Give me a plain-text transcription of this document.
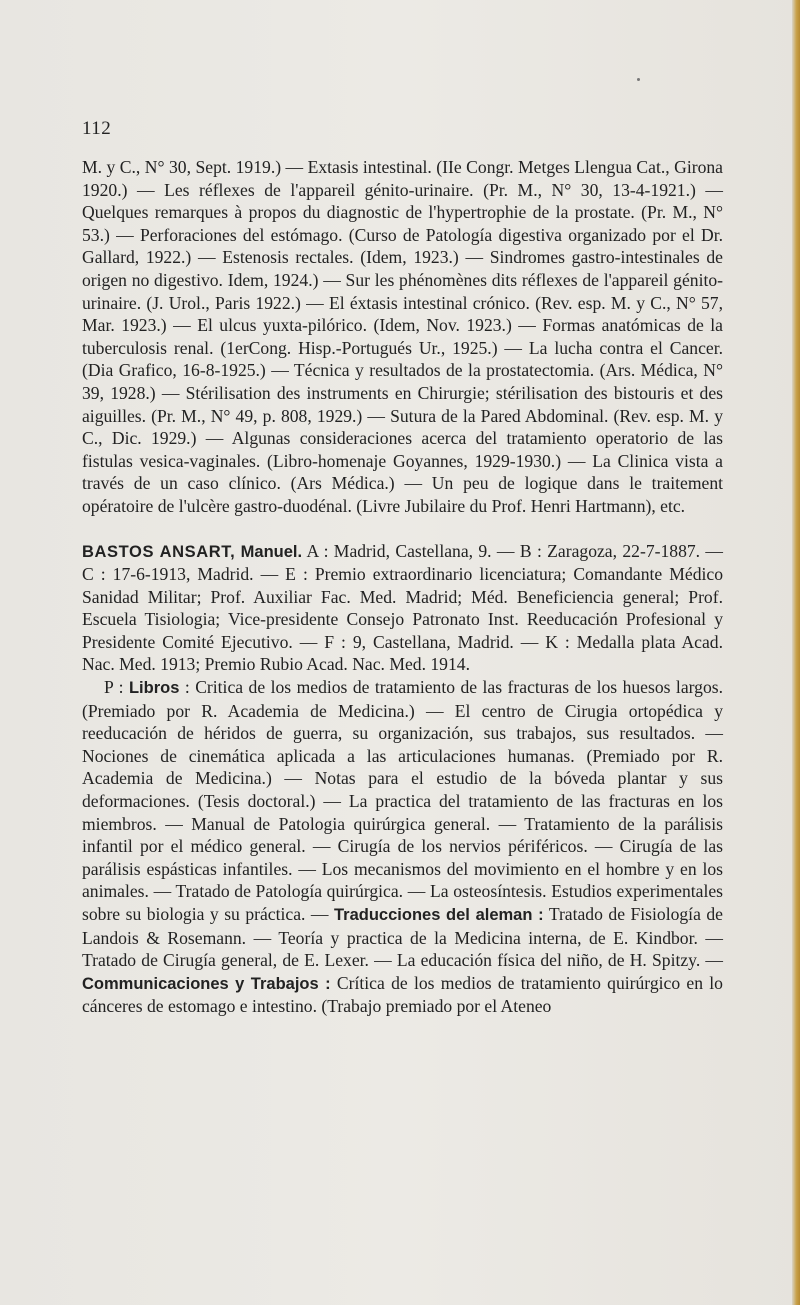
112

M. y C., N° 30, Sept. 1919.) — Extasis intestinal. (IIe Congr. Metges Llengua Cat., Girona 1920.) — Les réflexes de l'appareil génito-urinaire. (Pr. M., N° 30, 13-4-1921.) — Quelques remarques à propos du diagnostic de l'hypertrophie de la prostate. (Pr. M., N° 53.) — Perforaciones del estómago. (Curso de Patología digestiva organizado por el Dr. Gallard, 1922.) — Estenosis rectales. (Idem, 1923.) — Sindromes gastro-intestinales de origen no digestivo. Idem, 1924.) — Sur les phénomènes dits réflexes de l'appareil génito-urinaire. (J. Urol., Paris 1922.) — El éxtasis intestinal crónico. (Rev. esp. M. y C., N° 57, Mar. 1923.) — El ulcus yuxta-pilórico. (Idem, Nov. 1923.) — Formas anatómicas de la tuberculosis renal. (1erCong. Hisp.-Portugués Ur., 1925.) — La lucha contra el Cancer. (Dia Grafico, 16-8-1925.) — Técnica y resultados de la prostatectomia. (Ars. Médica, N° 39, 1928.) — Stérilisation des instruments en Chirurgie; stérilisation des bistouris et des aiguilles. (Pr. M., N° 49, p. 808, 1929.) — Sutura de la Pared Abdominal. (Rev. esp. M. y C., Dic. 1929.) — Algunas consideraciones acerca del tratamiento operatorio de las fistulas vesica-vaginales. (Libro-homenaje Goyannes, 1929-1930.) — La Clinica vista a través de un caso clínico. (Ars Médica.) — Un peu de logique dans le traitement opératoire de l'ulcère gastro-duodénal. (Livre Jubilaire du Prof. Henri Hartmann), etc.

BASTOS ANSART, Manuel. A : Madrid, Castellana, 9. — B : Zaragoza, 22-7-1887. — C : 17-6-1913, Madrid. — E : Premio extraordinario licenciatura; Comandante Médico Sanidad Militar; Prof. Auxiliar Fac. Med. Madrid; Méd. Beneficiencia general; Prof. Escuela Tisiologia; Vice-presidente Consejo Patronato Inst. Reeducación Profesional y Presidente Comité Ejecutivo. — F : 9, Castellana, Madrid. — K : Medalla plata Acad. Nac. Med. 1913; Premio Rubio Acad. Nac. Med. 1914.

P : Libros : Critica de los medios de tratamiento de las fracturas de los huesos largos. (Premiado por R. Academia de Medicina.) — El centro de Cirugia ortopédica y reeducación de héridos de guerra, su organización, sus trabajos, sus resultados. — Nociones de cinemática aplicada a las articulaciones humanas. (Premiado por R. Academia de Medicina.) — Notas para el estudio de la bóveda plantar y sus deformaciones. (Tesis doctoral.) — La practica del tratamiento de las fracturas en los miembros. — Manual de Patologia quirúrgica general. — Tratamiento de la parálisis infantil por el médico general. — Cirugía de los nervios périféricos. — Cirugía de las parálisis espásticas infantiles. — Los mecanismos del movimiento en el hombre y en los animales. — Tratado de Patología quirúrgica. — La osteosíntesis. Estudios experimentales sobre su biologia y su práctica. — Traducciones del aleman : Tratado de Fisiología de Landois & Rosemann. — Teoría y practica de la Medicina interna, de E. Kindbor. — Tratado de Cirugía general, de E. Lexer. — La educación física del niño, de H. Spitzy. — Communicaciones y Trabajos : Crítica de los medios de tratamiento quirúrgico en lo cánceres de estomago e intestino. (Trabajo premiado por el Ateneo
